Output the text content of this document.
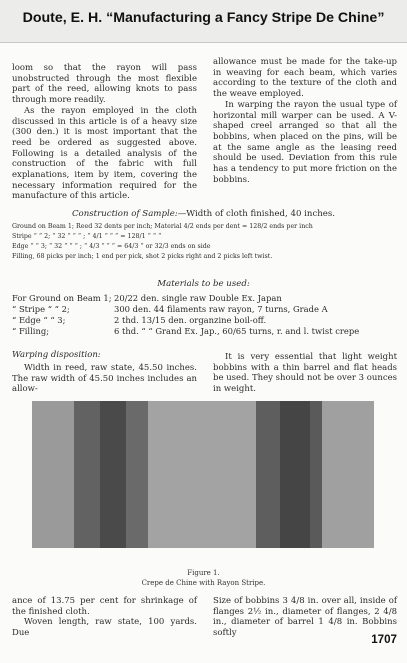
Doute, E. H. “Manufacturing a Fancy Stripe De Chine”

loom so that the rayon will pass unobstructed through the most flexible part of the reed, allowing knots to pass through more readily.

As the rayon employed in the cloth discussed in this article is of a heavy size (300 den.) it is most important that the reed be ordered as suggested above. Following is a detailed analysis of the construction of the fabric with full explanations, item by item, covering the necessary information required for the manufacture of this article.

allowance must be made for the take-up in weaving for each beam, which varies according to the texture of the cloth and the weave employed.

In warping the rayon the usual type of horizontal mill warper can be used. A V-shaped creel arranged so that all the bobbins, when placed on the pins, will be at the same angle as the leasing reed should be used. Deviation from this rule has a tendency to put more friction on the bobbins.

Construction of Sample:—Width of cloth finished, 40 inches.
Ground on Beam 1; Reed 32 dents per inch; Material 4/2 ends per dent = 128/2 ends per inch
Stripe “ “ 2; “ 32 “ “ “ ; “ 4/1 “ “ “ = 128/1 “ “ “
Edge “ “ 3; “ 32 “ “ “ ; “ 4/3 “ “ “ = 64/3 “ or 32/3 ends on side
Filling, 68 picks per inch; 1 end per pick, shot 2 picks right and 2 picks left twist.
Materials to be used:
For Ground on Beam 1; 20/22 den. single raw Double Ex. Japan
“ Stripe “ “ 2;	300 den. 44 filaments raw rayon, 7 turns, Grade A
“ Edge “ “ 3;	2 thd. 13/15 den. organzine boil-off.
“ Filling;	6 thd. “ “ Grand Ex. Jap., 60/65 turns, r. and l. twist crepe
Warping disposition:

Width in reed, raw state, 45.50 inches. The raw width of 45.50 inches includes an allow-

It is very essential that light weight bobbins with a thin barrel and flat heads be used. They should not be over 3 ounces in weight.

Figure 1.
Crepe de Chine with Rayon Stripe.

ance of 13.75 per cent for shrinkage of the finished cloth.

Woven length, raw state, 100 yards. Due

Size of bobbins 3 4/8 in. over all, inside of flanges 2½ in., diameter of flanges, 2 4/8 in., diameter of barrel 1 4/8 in. Bobbins softly	1707
